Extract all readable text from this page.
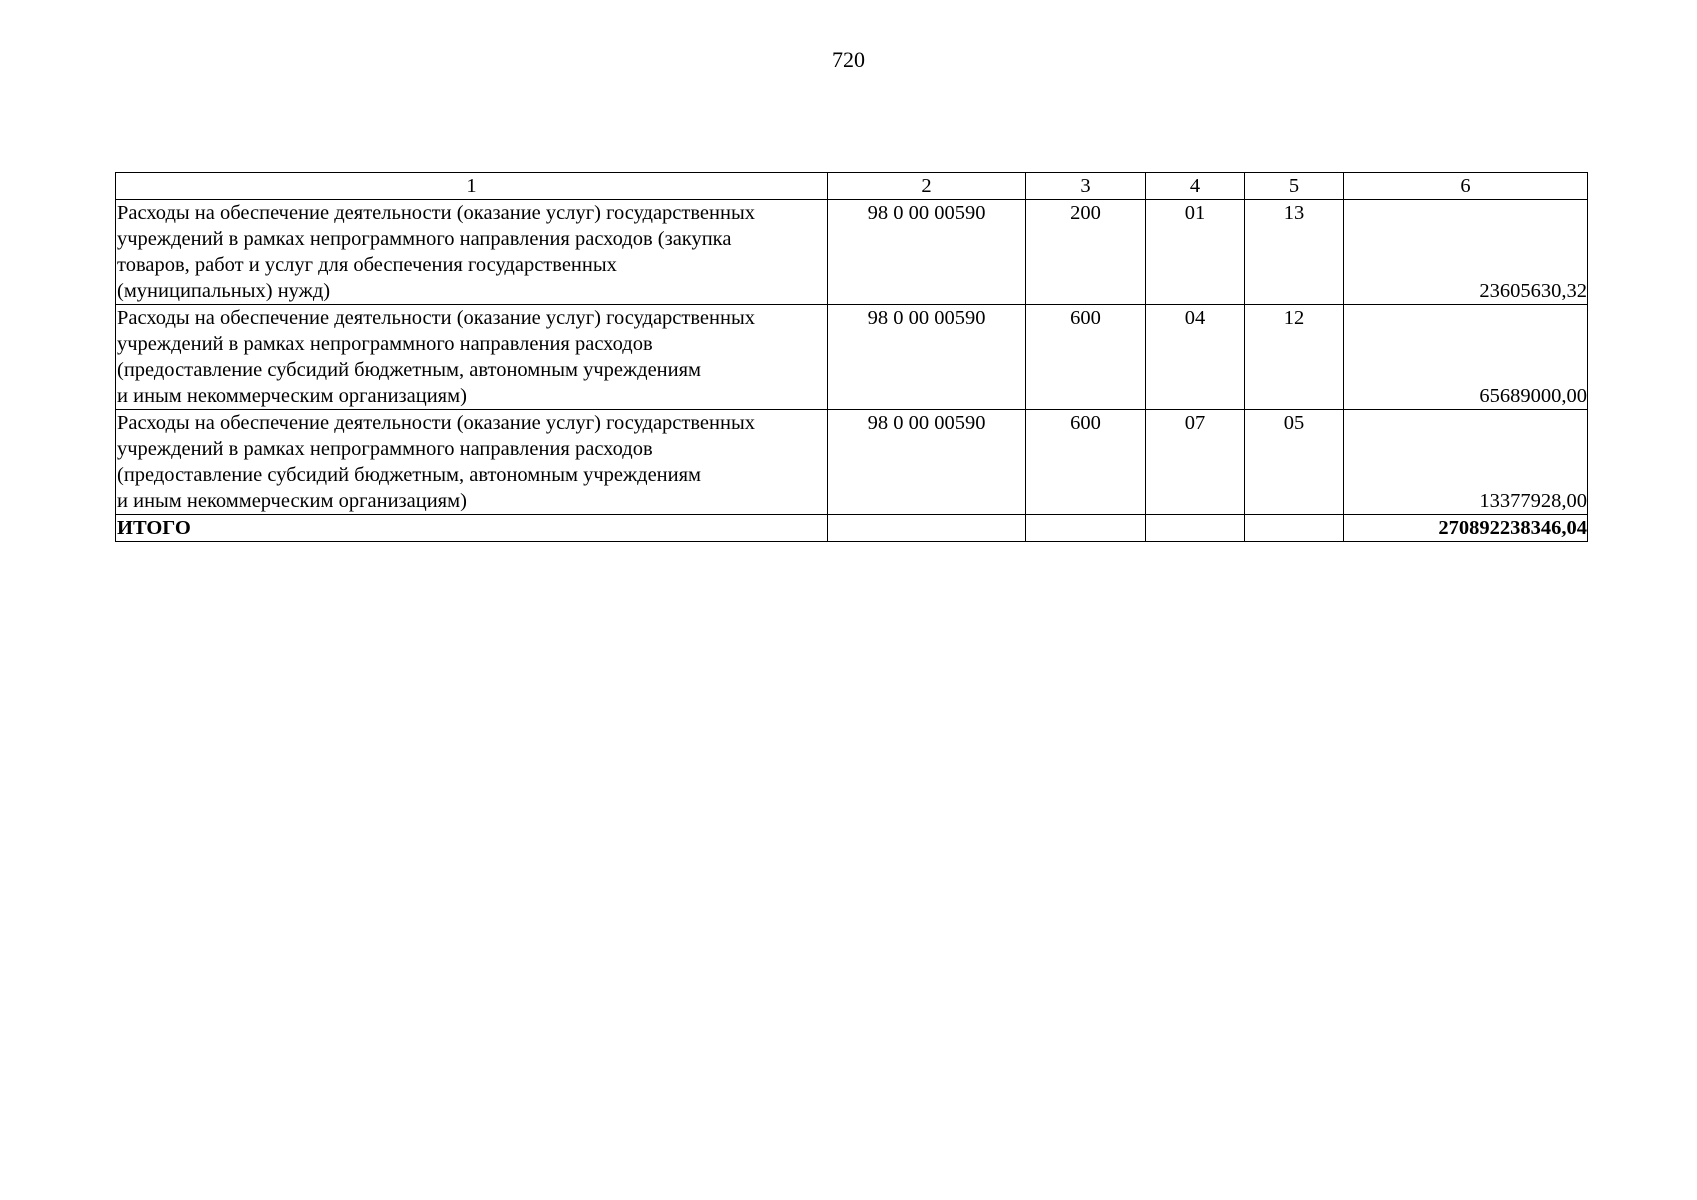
720
1	2	3	4	5	6

Расходы на обеспечение деятельности (оказание услуг) государственных
учреждений в рамках непрограммного направления расходов (закупка
товаров, работ и услуг для обеспечения государственных
(муниципальных) нужд)	98 0 00 00590	200	01	13	23605630,32

Расходы на обеспечение деятельности (оказание услуг) государственных
учреждений в рамках непрограммного направления расходов
(предоставление субсидий бюджетным, автономным учреждениям
и иным некоммерческим организациям)	98 0 00 00590	600	04	12	65689000,00

Расходы на обеспечение деятельности (оказание услуг) государственных
учреждений в рамках непрограммного направления расходов
(предоставление субсидий бюджетным, автономным учреждениям
и иным некоммерческим организациям)	98 0 00 00590	600	07	05	13377928,00
ИТОГО					270892238346,04
